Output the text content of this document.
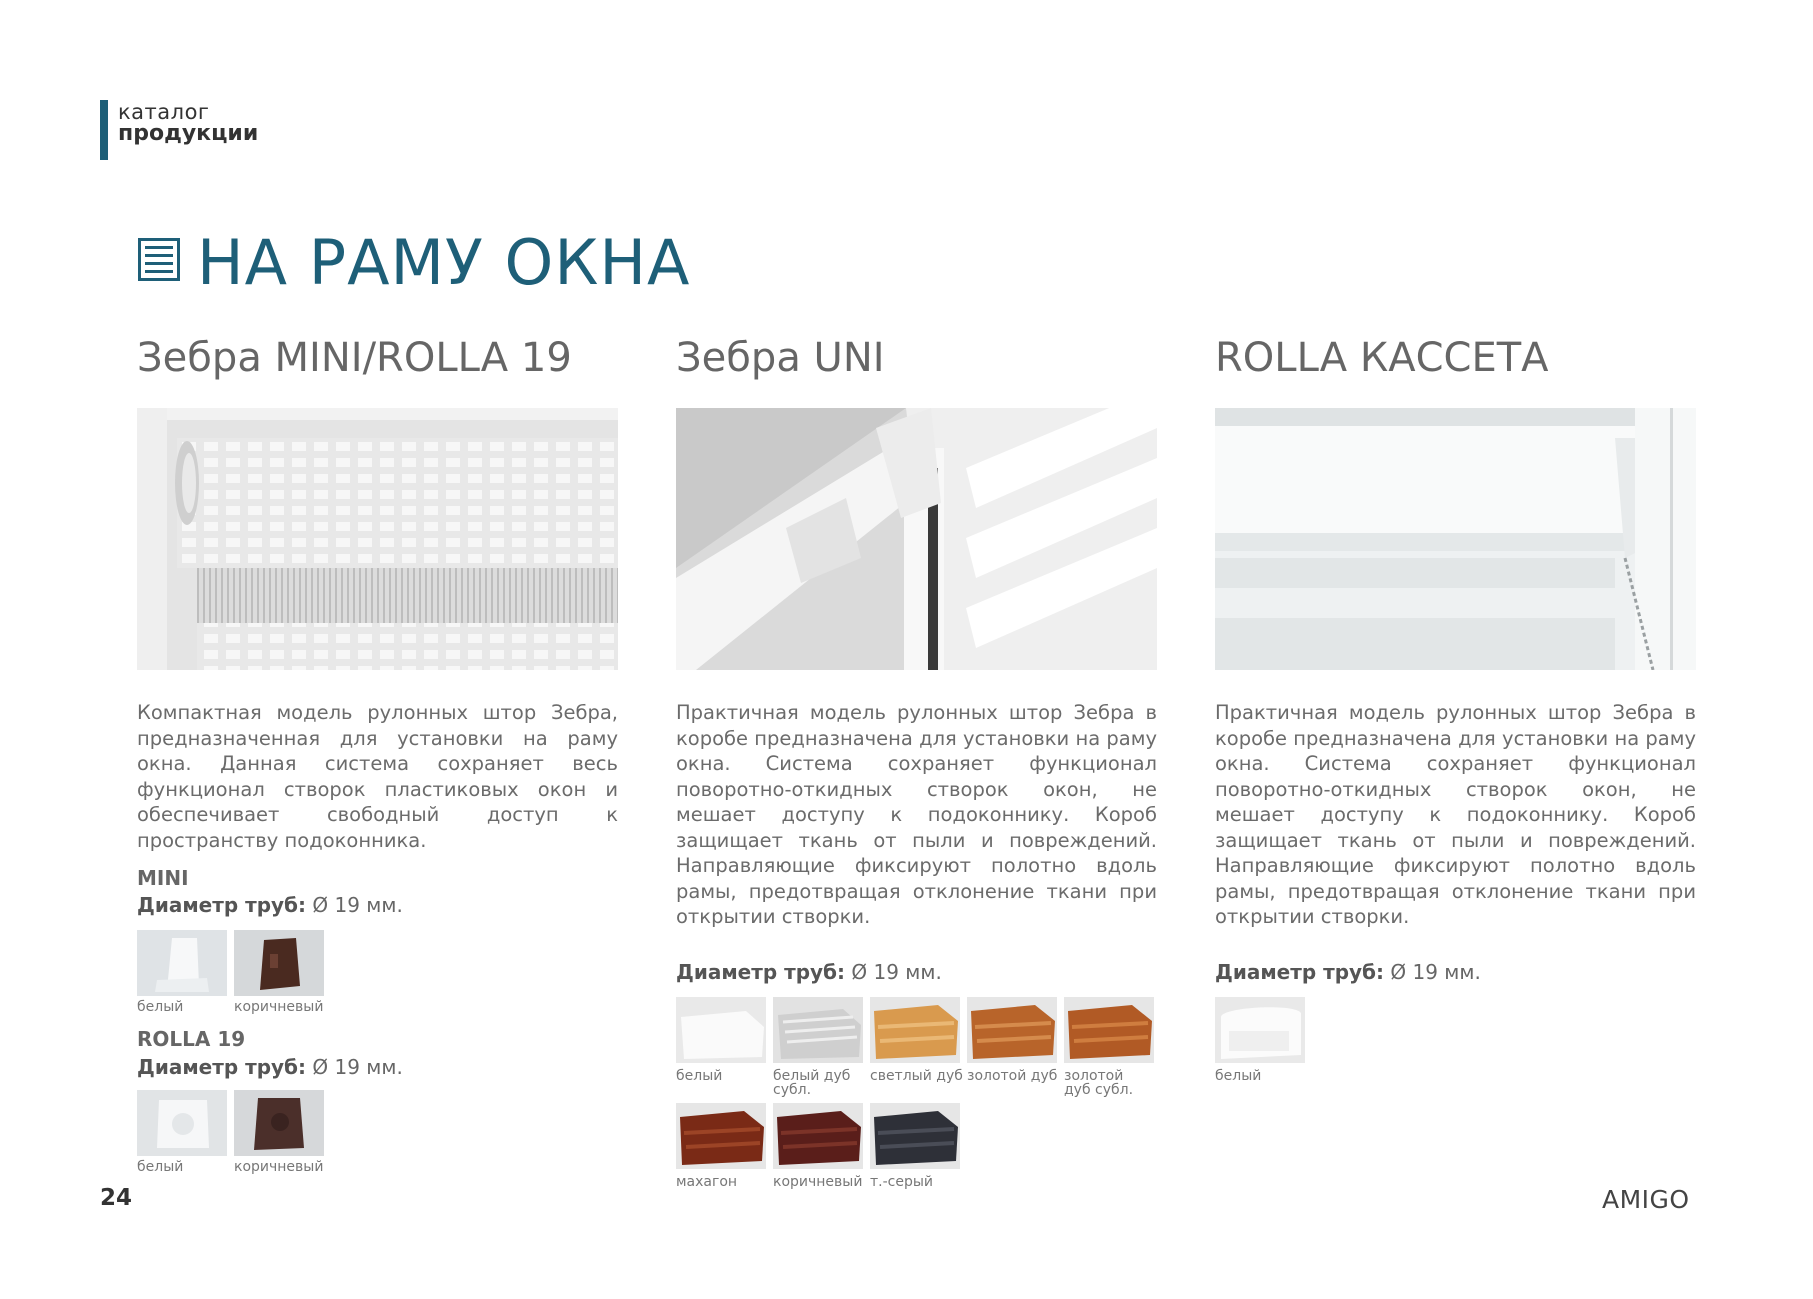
каталог
продукции
НА РАМУ ОКНА
Зебра MINI/ROLLA 19	Зебра UNI	ROLLA КАССЕТА
Компактная модель рулонных штор Зебра, предназначенная для установки на раму окна. Данная система сохраняет весь функционал створок пластиковых окон и обеспечивает свободный доступ к пространству подоконника.
Практичная модель рулонных штор Зебра в коробе предназначена для установки на раму окна. Система сохраняет функционал поворотно-откидных створок окон, не мешает доступу к подоконнику. Короб защищает ткань от пыли и повреждений. Направляющие фиксируют полотно вдоль рамы, предотвращая отклонение ткани при открытии створки.
Практичная модель рулонных штор Зебра в коробе предназначена для установки на раму окна. Система сохраняет функционал поворотно-откидных створок окон, не мешает доступу к подоконнику. Короб защищает ткань от пыли и повреждений. Направляющие фиксируют полотно вдоль рамы, предотвращая отклонение ткани при открытии створки.
MINI
Диаметр труб: Ø 19 мм.
белый	коричневый
ROLLA 19
Диаметр труб: Ø 19 мм.
белый	коричневый
Диаметр труб: Ø 19 мм.
белый	белый дуб субл.
светлый дуб золотой дуб золотой дуб субл.
махагон	коричневый т.-серый
Диаметр труб: Ø 19 мм.
белый
24	AMIGO
